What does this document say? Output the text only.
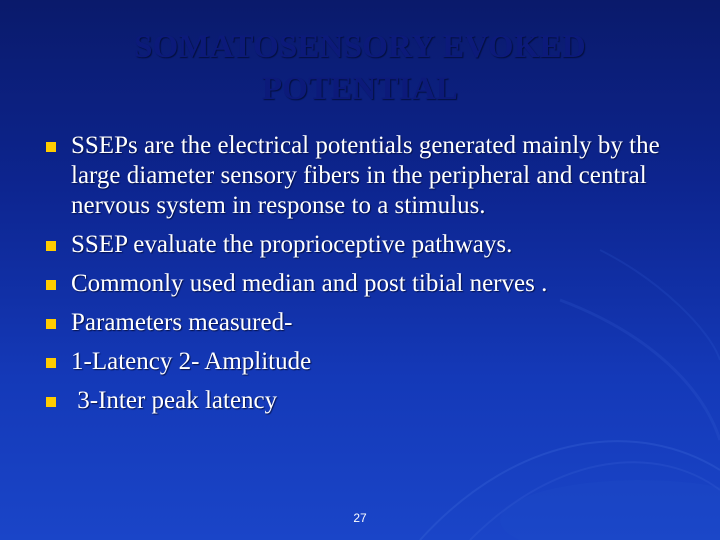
SOMATOSENSORY EVOKED POTENTIAL
SSEPs are the electrical potentials generated mainly by the large diameter sensory fibers in the peripheral and central nervous system in response to a stimulus.
SSEP evaluate the proprioceptive pathways.
Commonly used median and post tibial nerves .
Parameters measured-
1-Latency 2- Amplitude
3-Inter peak latency
27
